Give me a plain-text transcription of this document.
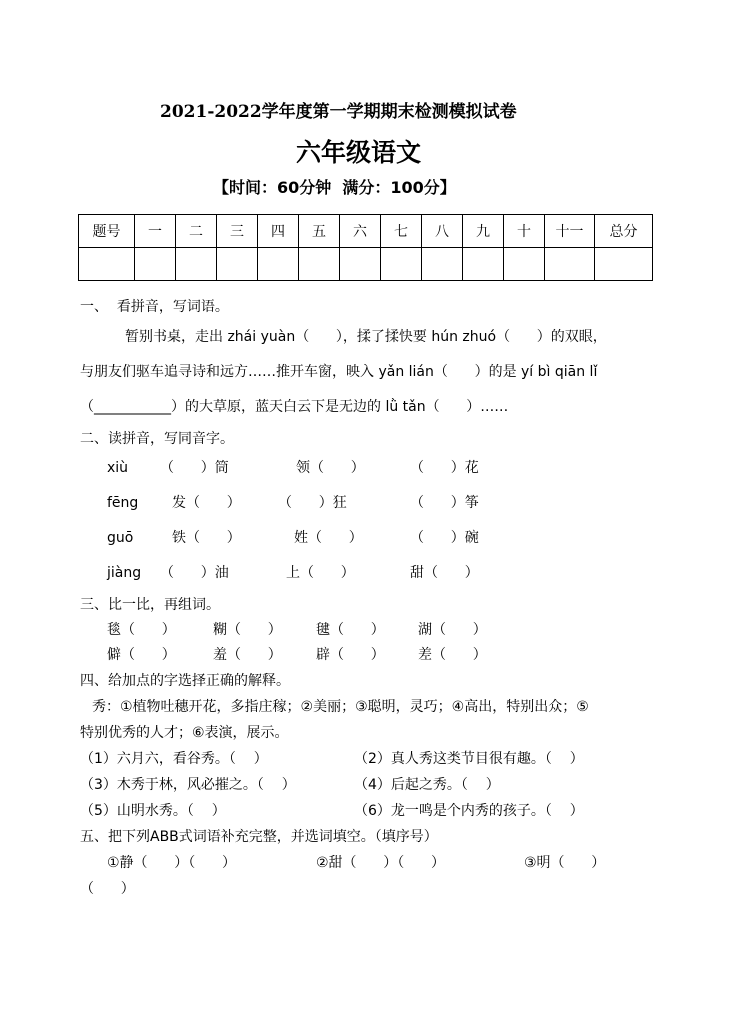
2021-2022学年度第一学期期末检测模拟试卷
六年级语文
【时间：60分钟  满分：100分】
题号	一	二	三	四	五	六	七	八	九	十	十一	总分

一、  看拼音，写词语。
暂别书桌，走出 zhái yuàn（      ），揉了揉快要 hún zhuó（      ）的双眼，
与朋友们驱车追寻诗和远方……推开车窗，映入 yǎn lián（      ）的是 yí bì qiān lǐ
（___________）的大草原，蓝天白云下是无边的 lǜ tǎn（      ）……
二、读拼音，写同音字。
xiù （      ）筒	领（      ）	（      ）花
fēng 发（      ）	（      ）狂	（      ）筝
guō	铁（      ）	姓（      ）	（      ）碗
jiàng （      ）油	上（      ）	甜（      ）
三、比一比，再组词。
毯（      ）	糊（      ） 毽（      ） 湖（      ）
僻（      ）	羞（      ） 辟（      ） 差（      ）
四、给加点的字选择正确的解释。
秀：①植物吐穗开花，多指庄稼；②美丽；③聪明，灵巧；④高出，特别出众；⑤
特别优秀的人才；⑥表演，展示。
（1）六月六，看谷秀。（    ）	（2）真人秀这类节目很有趣。（    ）
（3）木秀于林，风必摧之。（    ）	（4）后起之秀。（    ）
（5）山明水秀。（    ）	（6）龙一鸣是个内秀的孩子。（    ）
五、把下列ABB式词语补充完整，并选词填空。（填序号）
①静（      ）（      ）	②甜（      ）（      ）	③明（      ）
（      ）
